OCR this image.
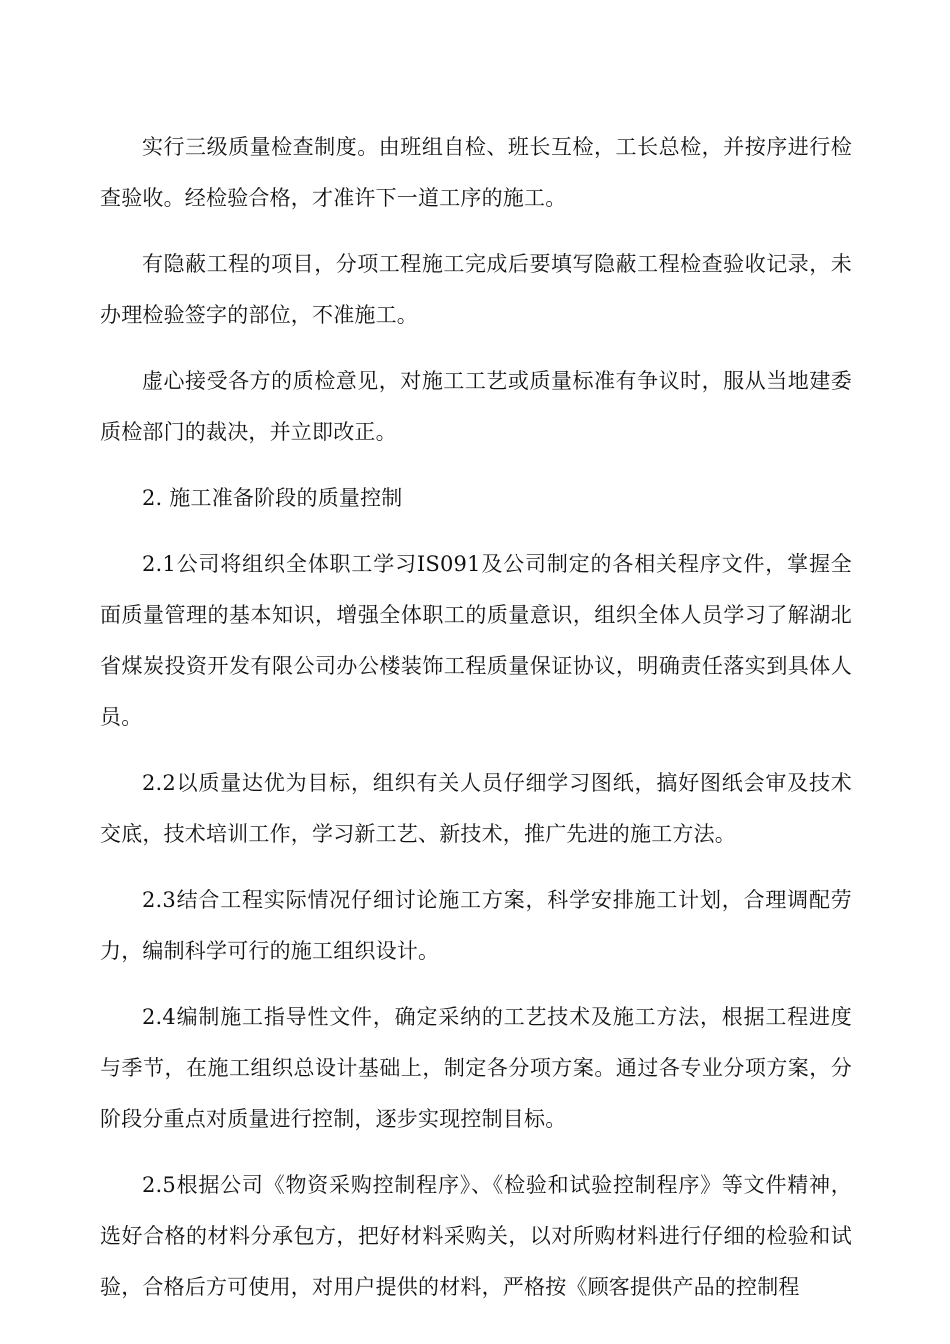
实行三级质量检查制度。由班组自检、班长互检，工长总检，并按序进行检查验收。经检验合格，才准许下一道工序的施工。

有隐蔽工程的项目，分项工程施工完成后要填写隐蔽工程检查验收记录，未办理检验签字的部位，不准施工。

虚心接受各方的质检意见，对施工工艺或质量标准有争议时，服从当地建委质检部门的裁决，并立即改正。

2. 施工准备阶段的质量控制

2.1公司将组织全体职工学习IS091及公司制定的各相关程序文件，掌握全面质量管理的基本知识，增强全体职工的质量意识，组织全体人员学习了解湖北省煤炭投资开发有限公司办公楼装饰工程质量保证协议，明确责任落实到具体人员。

2.2以质量达优为目标，组织有关人员仔细学习图纸，搞好图纸会审及技术交底，技术培训工作，学习新工艺、新技术，推广先进的施工方法。

2.3结合工程实际情况仔细讨论施工方案，科学安排施工计划，合理调配劳力，编制科学可行的施工组织设计。

2.4编制施工指导性文件，确定采纳的工艺技术及施工方法，根据工程进度与季节，在施工组织总设计基础上，制定各分项方案。通过各专业分项方案，分阶段分重点对质量进行控制，逐步实现控制目标。

2.5根据公司《物资采购控制程序》、《检验和试验控制程序》等文件精神，选好合格的材料分承包方，把好材料采购关，以对所购材料进行仔细的检验和试验，合格后方可使用，对用户提供的材料，严格按《顾客提供产品的控制程
